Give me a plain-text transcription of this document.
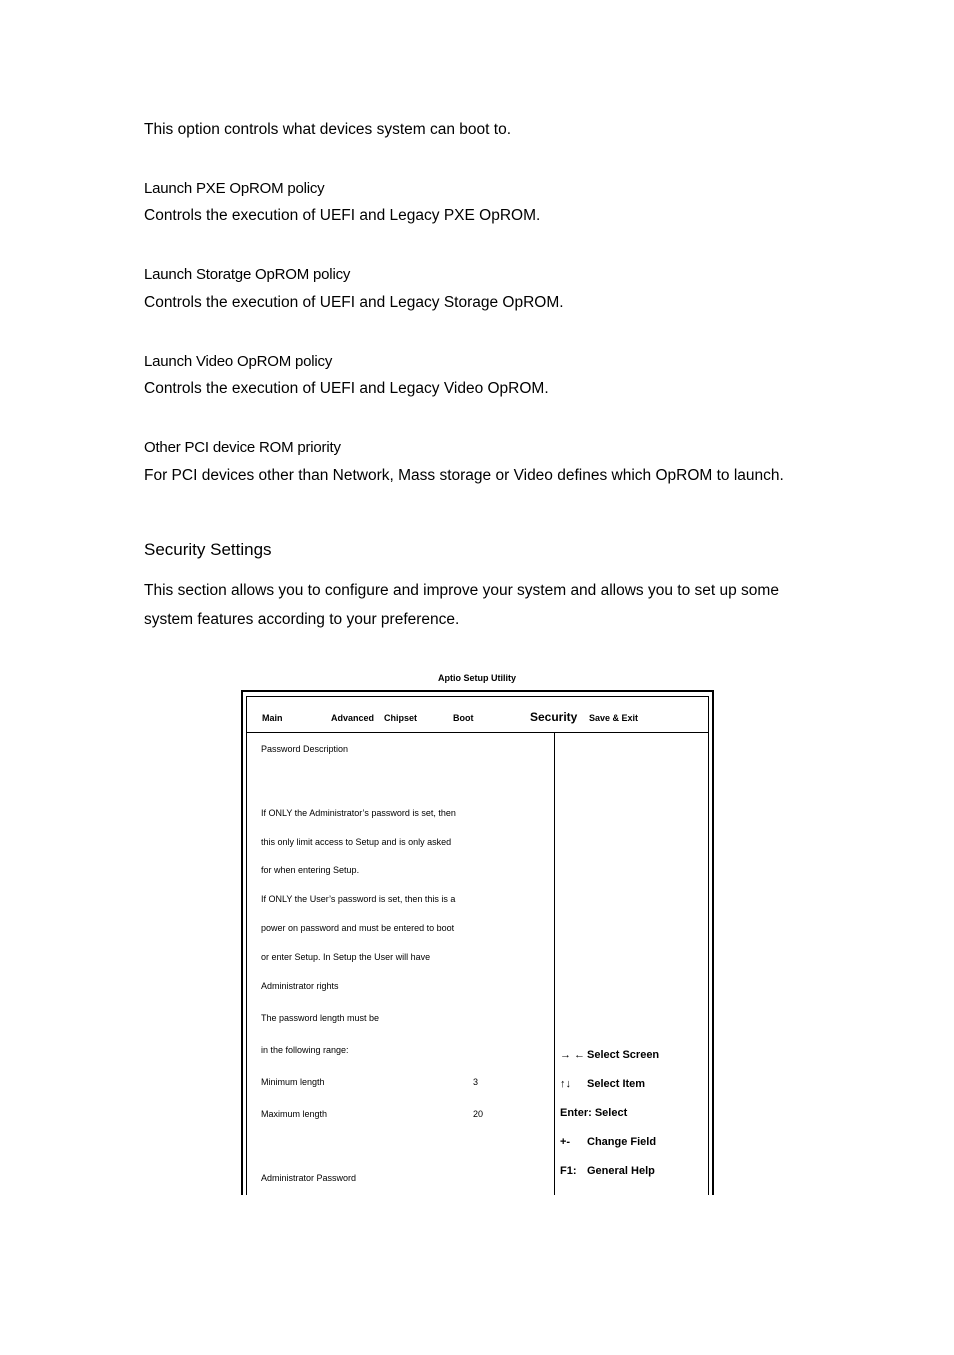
This option controls what devices system can boot to.
Launch PXE OpROM policy
Controls the execution of UEFI and Legacy PXE OpROM.
Launch Storatge OpROM policy
Controls the execution of UEFI and Legacy Storage OpROM.
Launch Video OpROM policy
Controls the execution of UEFI and Legacy Video OpROM.
Other PCI device ROM priority
For PCI devices other than Network, Mass storage or Video defines which OpROM to launch.
Security Settings
This section allows you to configure and improve your system and allows you to set up some
system features according to your preference.
Aptio Setup Utility
Main	Advanced Chipset	Boot	Security Save & Exit
Password Description
If ONLY the Administrator’s password is set, then
this only limit access to Setup and is only asked
for when entering Setup.
If ONLY the User’s password is set, then this is a
power on password and must be entered to boot
or enter Setup. In Setup the User will have
Administrator rights
The password length must be
in the following range:
Minimum length	3
Maximum length	20
Administrator Password
→ ← Select Screen
↑↓ Select Item
Enter: Select
+- Change Field
F1: General Help
